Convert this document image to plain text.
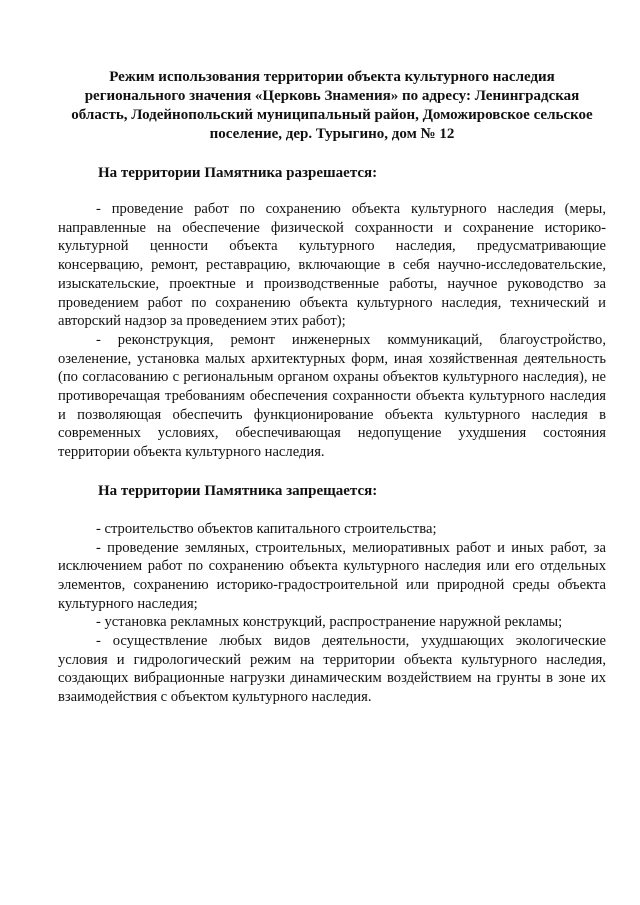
Режим использования территории объекта культурного наследия регионального значения «Церковь Знамения» по адресу: Ленинградская область, Лодейнопольский муниципальный район, Доможировское сельское поселение, дер. Турыгино, дом № 12
На территории Памятника разрешается:

- проведение работ по сохранению объекта культурного наследия (меры, направленные на обеспечение физической сохранности и сохранение историко-культурной ценности объекта культурного наследия, предусматривающие консервацию, ремонт, реставрацию, включающие в себя научно-исследовательские, изыскательские, проектные и производственные работы, научное руководство за проведением работ по сохранению объекта культурного наследия, технический и авторский надзор за проведением этих работ);

- реконструкция, ремонт инженерных коммуникаций, благоустройство, озеленение, установка малых архитектурных форм, иная хозяйственная деятельность (по согласованию с региональным органом охраны объектов культурного наследия), не противоречащая требованиям обеспечения сохранности объекта культурного наследия и позволяющая обеспечить функционирование объекта культурного наследия в современных условиях, обеспечивающая недопущение ухудшения состояния территории объекта культурного наследия.

На территории Памятника запрещается:

- строительство объектов капитального строительства;

- проведение земляных, строительных, мелиоративных работ и иных работ, за исключением работ по сохранению объекта культурного наследия или его отдельных элементов, сохранению историко-градостроительной или природной среды объекта культурного наследия;

- установка рекламных конструкций, распространение наружной рекламы;

- осуществление любых видов деятельности, ухудшающих экологические условия и гидрологический режим на территории объекта культурного наследия, создающих вибрационные нагрузки динамическим воздействием на грунты в зоне их взаимодействия с объектом культурного наследия.
